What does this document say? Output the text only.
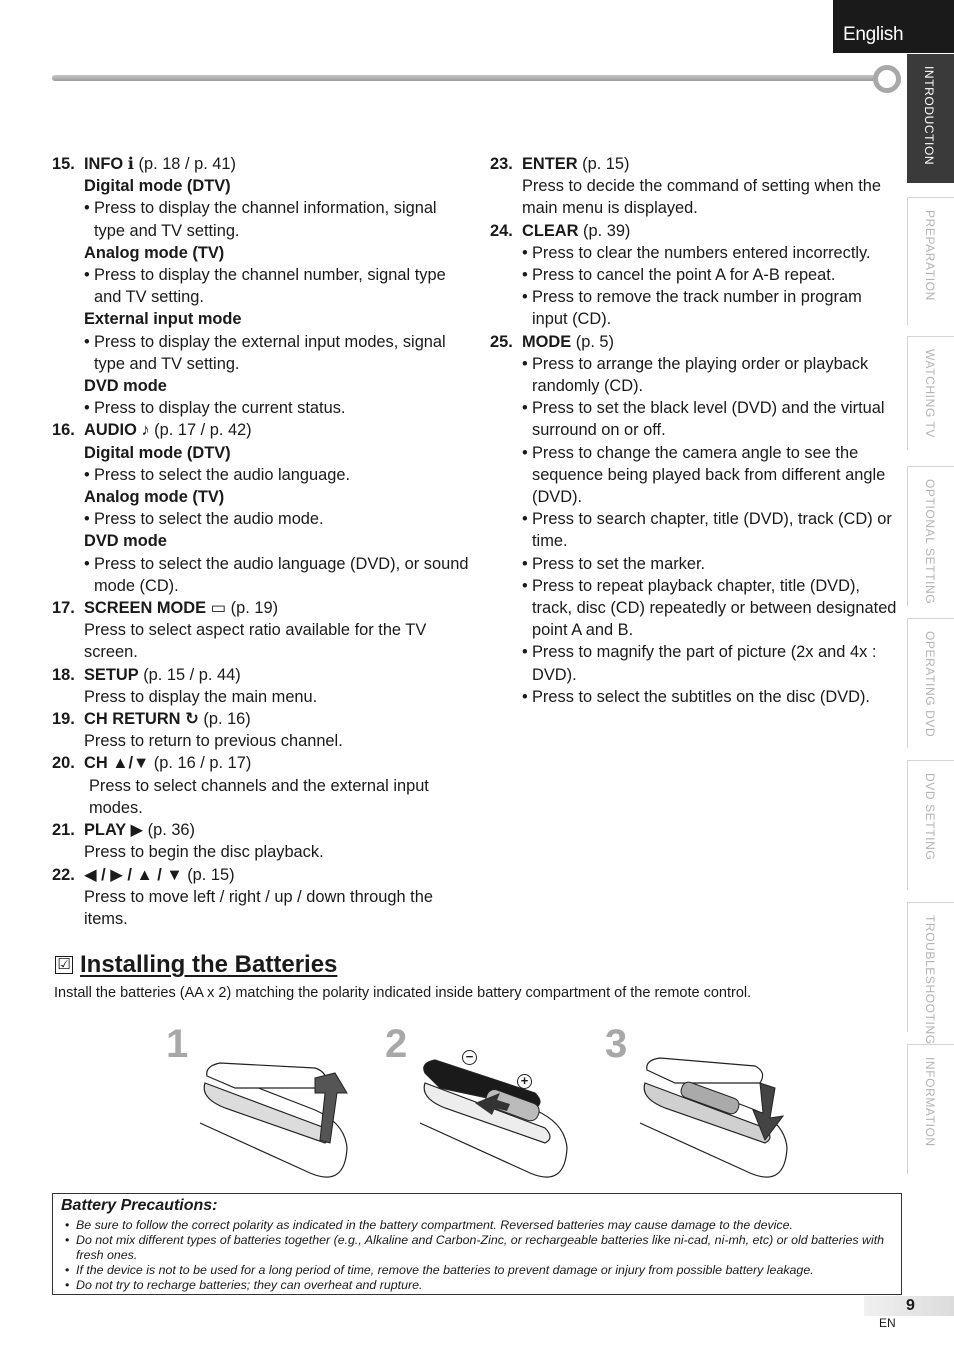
English
INTRODUCTION
PREPARATION
WATCHING TV
OPTIONAL SETTING
OPERATING DVD
DVD SETTING
TROUBLESHOOTING
INFORMATION
15. INFO ℹ (p. 18 / p. 41)
Digital mode (DTV)
• Press to display the channel information, signal type and TV setting.
Analog mode (TV)
• Press to display the channel number, signal type and TV setting.
External input mode
• Press to display the external input modes, signal type and TV setting.
DVD mode
• Press to display the current status.
16. AUDIO ♪ (p. 17 / p. 42)
Digital mode (DTV)
• Press to select the audio language.
Analog mode (TV)
• Press to select the audio mode.
DVD mode
• Press to select the audio language (DVD), or sound mode (CD).
17. SCREEN MODE ▭ (p. 19)
Press to select aspect ratio available for the TV screen.
18. SETUP (p. 15 / p. 44)
Press to display the main menu.
19. CH RETURN ↻ (p. 16)
Press to return to previous channel.
20. CH ▲/▼ (p. 16 / p. 17)
Press to select channels and the external input modes.
21. PLAY ▶ (p. 36)
Press to begin the disc playback.
22. ◀ / ▶ / ▲ / ▼ (p. 15)
Press to move left / right / up / down through the items.
23. ENTER (p. 15)
Press to decide the command of setting when the main menu is displayed.
24. CLEAR (p. 39)
• Press to clear the numbers entered incorrectly.
• Press to cancel the point A for A-B repeat.
• Press to remove the track number in program input (CD).
25. MODE (p. 5)
• Press to arrange the playing order or playback randomly (CD).
• Press to set the black level (DVD) and the virtual surround on or off.
• Press to change the camera angle to see the sequence being played back from different angle (DVD).
• Press to search chapter, title (DVD), track (CD) or time.
• Press to set the marker.
• Press to repeat playback chapter, title (DVD), track, disc (CD) repeatedly or between designated point A and B.
• Press to magnify the part of picture (2x and 4x : DVD).
• Press to select the subtitles on the disc (DVD).
☑ Installing the Batteries
Install the batteries (AA x 2) matching the polarity indicated inside battery compartment of the remote control.
1	2	3
−
+
Battery Precautions:
• Be sure to follow the correct polarity as indicated in the battery compartment. Reversed batteries may cause damage to the device.
• Do not mix different types of batteries together (e.g., Alkaline and Carbon-Zinc, or rechargeable batteries like ni-cad, ni-mh, etc) or old batteries with fresh ones.
• If the device is not to be used for a long period of time, remove the batteries to prevent damage or injury from possible battery leakage.
• Do not try to recharge batteries; they can overheat and rupture.
9
EN
